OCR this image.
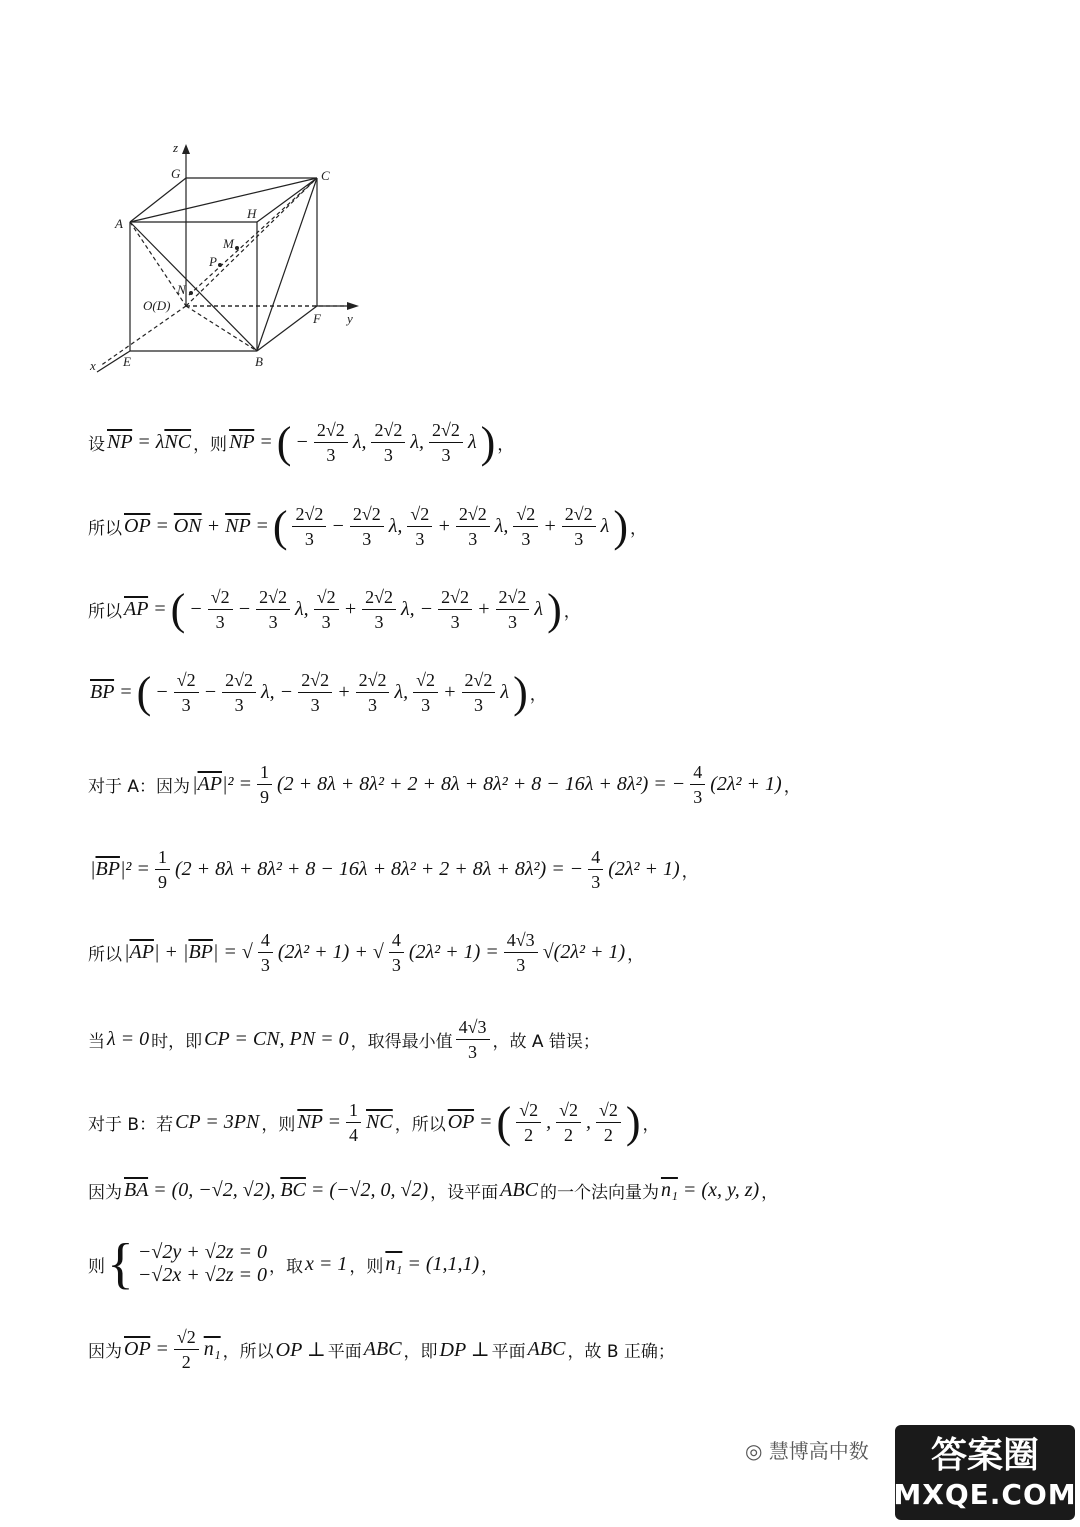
z
G	C
A
H
M
P
N
O(D)
y
F
x E	B
设 $\overline{NP} = \lambda\overline{NC}$ ，则 $\overline{NP}$ = ( − $\frac{2√2}{3} \lambda$, $\frac{2√2}{3} \lambda$, $\frac{2√2}{3}$ λ ) ，
所以 $\overline{OP} = \overline{ON} + \overline{NP}$ = ( $\frac{2√2}{3} - \frac{2√2}{3} \lambda$, $\frac{√2}{3} + \frac{2√2}{3} \lambda$, $\frac{√2}{3} + \frac{2√2}{3}$ λ ) ，
所以 $\overline{AP}$ = ( − $\frac{√2}{3} - \frac{2√2}{3} \lambda$, $\frac{√2}{3} + \frac{2√2}{3} \lambda$, − $\frac{2√2}{3} + \frac{2√2}{3}$ λ ) ，
$\overline{BP}$ = ( − $\frac{√2}{3} - \frac{2√2}{3} \lambda$, − $\frac{2√2}{3} + \frac{2√2}{3} \lambda$, $\frac{√2}{3} + \frac{2√2}{3}$ λ ) ，
对于 A：因为 $|\overline{AP}|^2 = \frac{1}{9} (2 + 8\lambda + 8\lambda^2 + 2 + 8\lambda + 8\lambda^2 + 8 - 16\lambda + 8\lambda^2)$ = − $\frac{4}{3} (2\lambda^2 + 1)$ ，
$|\overline{BP}|^2 = \frac{1}{9} (2 + 8\lambda + 8\lambda^2 + 8 - 16\lambda + 8\lambda^2 + 2 + 8\lambda + 8\lambda^2)$ = − $\frac{4}{3} (2\lambda^2 + 1)$ ，
所以 $|\overline{AP}| + |\overline{BP}|$ = √ $\frac{4}{3} (2\lambda^2 + 1)$ + √ $\frac{4}{3} (2\lambda^2 + 1) = \frac{4√3}{3} √(2\lambda^2 + 1)$ ，
当 λ = 0 时，即 CP = CN, PN = 0 ，取得最小值 $\frac{4√3}{3}$ ，故 A 错误；
对于 B：若 CP = 3PN ，则 $\overline{NP} = \frac{1}{4} \overline{NC}$ ，所以 $\overline{OP}$ = ( $\frac{√2}{2}$ , $\frac{√2}{2}$ , $\frac{√2}{2}$ ) ，
因为 $\overline{BA} = (0$, −√2, √2), $\overline{BC} = (-√2$, 0, √2) ，设平面 ABC 的一个法向量为 n₁ = (x, y, z) ，
则 { −√2y + √2z = 0
−√2x + √2z = 0 ，取 x = 1 ，则 n₁ = (1,1,1) ，
因为 $\overline{OP} = \frac{√2}{2} n_1$ ，所以 OP ⊥ 平面 ABC ，即 DP ⊥ 平面 ABC ，故 B 正确；
◎ 慧博高中数 答案圈
MXQE.COM
